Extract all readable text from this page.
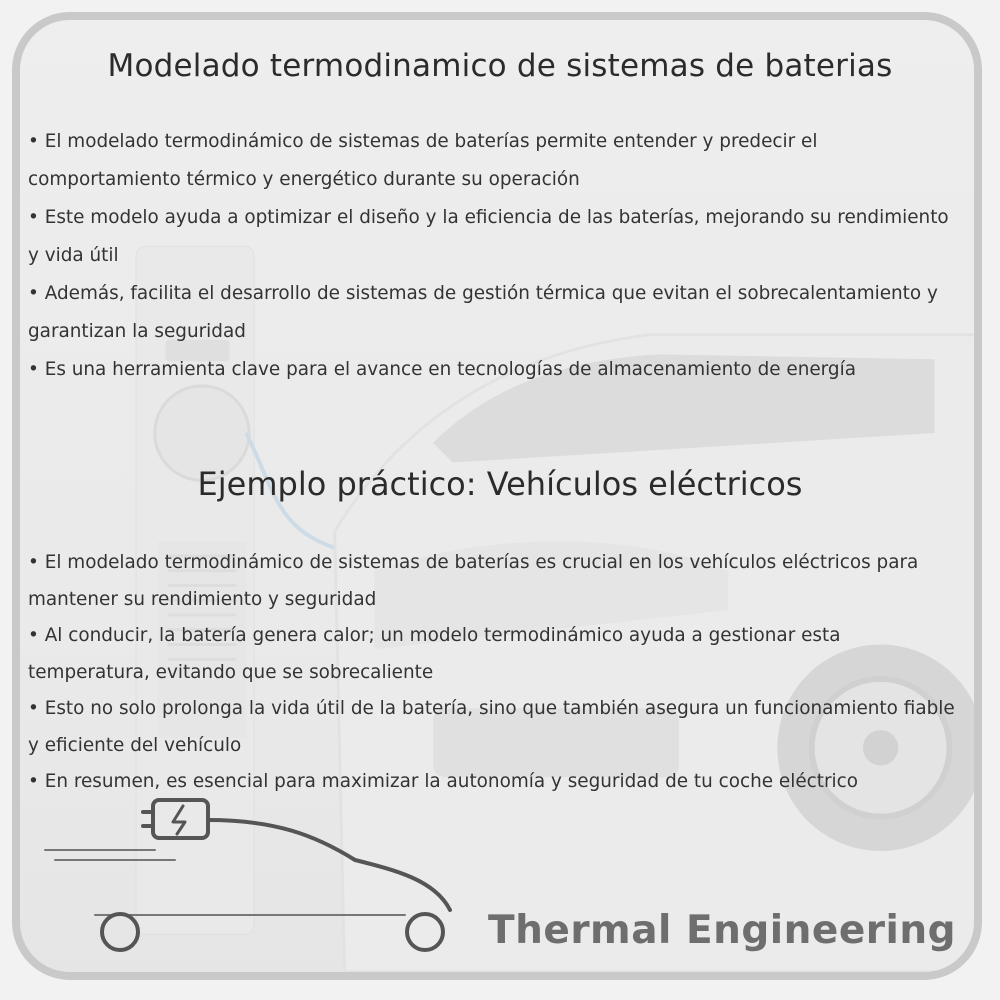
Modelado termodinamico de sistemas de baterias
• El modelado termodinámico de sistemas de baterías permite entender y predecir el comportamiento térmico y energético durante su operación
• Este modelo ayuda a optimizar el diseño y la eficiencia de las baterías, mejorando su rendimiento y vida útil
• Además, facilita el desarrollo de sistemas de gestión térmica que evitan el sobrecalentamiento y garantizan la seguridad
• Es una herramienta clave para el avance en tecnologías de almacenamiento de energía
Ejemplo práctico: Vehículos eléctricos
• El modelado termodinámico de sistemas de baterías es crucial en los vehículos eléctricos para mantener su rendimiento y seguridad
• Al conducir, la batería genera calor; un modelo termodinámico ayuda a gestionar esta temperatura, evitando que se sobrecaliente
• Esto no solo prolonga la vida útil de la batería, sino que también asegura un funcionamiento fiable y eficiente del vehículo
• En resumen, es esencial para maximizar la autonomía y seguridad de tu coche eléctrico
Thermal Engineering
